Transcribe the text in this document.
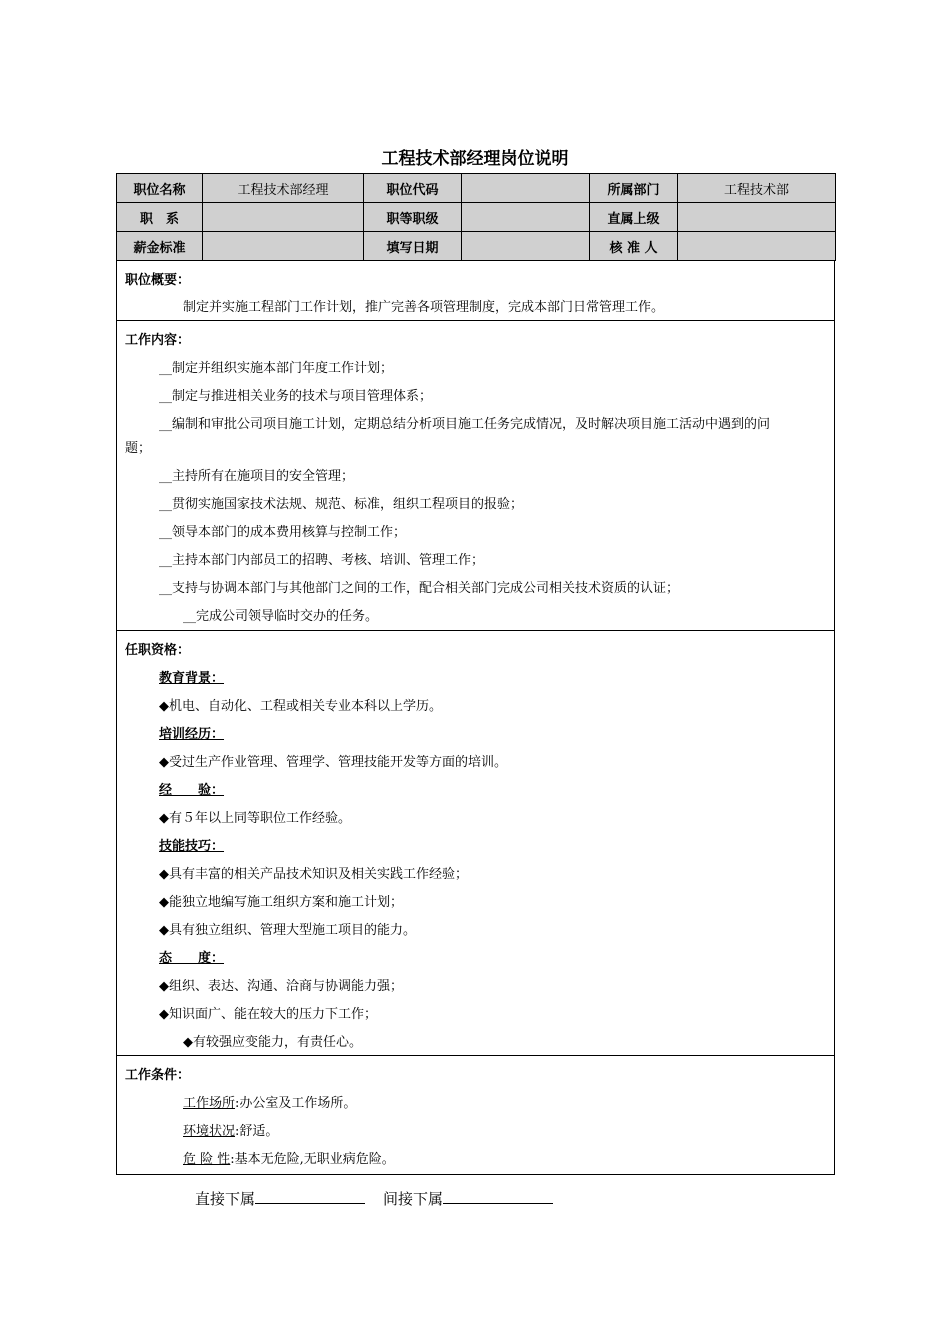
工程技术部经理岗位说明
职位名称	工程技术部经理	职位代码		所属部门	工程技术部
职　系		职等职级		直属上级	
薪金标准		填写日期		核 准 人	
职位概要：
制定并实施工程部门工作计划，推广完善各项管理制度，完成本部门日常管理工作。
工作内容：
__制定并组织实施本部门年度工作计划；
__制定与推进相关业务的技术与项目管理体系；
__编制和审批公司项目施工计划，定期总结分析项目施工任务完成情况，及时解决项目施工活动中遇到的问
题；
__主持所有在施项目的安全管理；
__贯彻实施国家技术法规、规范、标准，组织工程项目的报验；
__领导本部门的成本费用核算与控制工作；
__主持本部门内部员工的招聘、考核、培训、管理工作；
__支持与协调本部门与其他部门之间的工作，配合相关部门完成公司相关技术资质的认证；
__完成公司领导临时交办的任务。
任职资格：
教育背景：
◆机电、自动化、工程或相关专业本科以上学历。
培训经历：
◆受过生产作业管理、管理学、管理技能开发等方面的培训。
经　　验：
◆有５年以上同等职位工作经验。
技能技巧：
◆具有丰富的相关产品技术知识及相关实践工作经验；
◆能独立地编写施工组织方案和施工计划；
◆具有独立组织、管理大型施工项目的能力。
态　　度：
◆组织、表达、沟通、洽商与协调能力强；
◆知识面广、能在较大的压力下工作；
◆有较强应变能力，有责任心。
工作条件：
工作场所:办公室及工作场所。
环境状况:舒适。
危 险 性:基本无危险,无职业病危险。
直接下属	间接下属
